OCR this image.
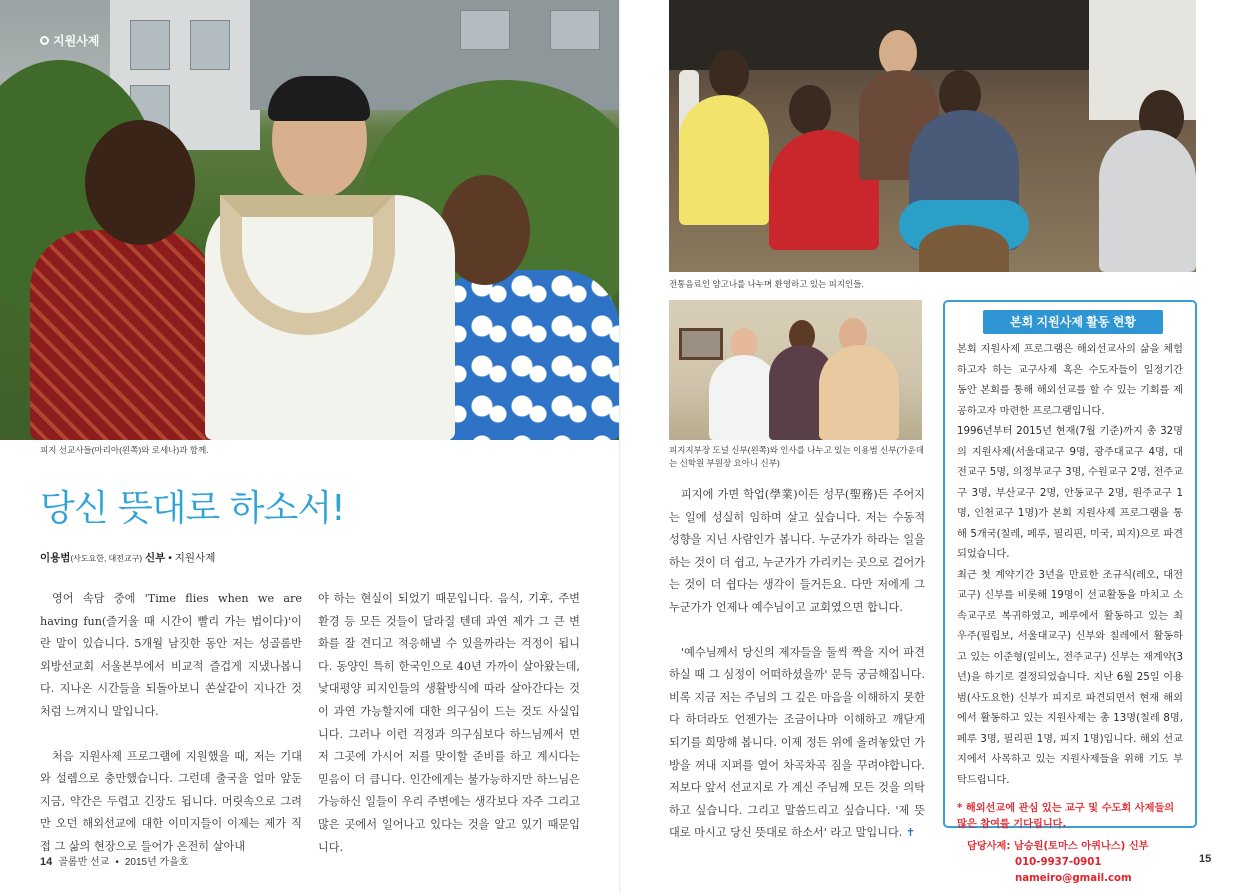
지원사제
피지 선교사들(마리아(왼쪽)와 로세나)과 함께.
당신 뜻대로 하소서!
이용범(사도요한, 대전교구) 신부 • 지원사제

영어 속담 중에 'Time flies when we are having fun(즐거울 때 시간이 빨리 가는 법이다)'이란 말이 있습니다. 5개월 남짓한 동안 저는 성골롬반외방선교회 서울본부에서 비교적 즐겁게 지냈나봅니다. 지나온 시간들을 되돌아보니 쏜살같이 지나간 것처럼 느껴지니 말입니다.

처음 지원사제 프로그램에 지원했을 때, 저는 기대와 설렘으로 충만했습니다. 그런데 출국을 얼마 앞둔 지금, 약간은 두렵고 긴장도 됩니다. 머릿속으로 그려만 오던 해외선교에 대한 이미지들이 이제는 제가 직접 그 삶의 현장으로 들어가 온전히 살아내

야 하는 현실이 되었기 때문입니다. 음식, 기후, 주변 환경 등 모든 것들이 달라질 텐데 과연 제가 그 큰 변화를 잘 견디고 적응해낼 수 있을까라는 걱정이 됩니다. 동양인 특히 한국인으로 40년 가까이 살아왔는데, 낯대평양 피지인들의 생활방식에 따라 살아간다는 것이 과연 가능할지에 대한 의구심이 드는 것도 사실입니다. 그러나 이런 걱정과 의구심보다 하느님께서 먼저 그곳에 가시어 저를 맞이할 준비를 하고 계시다는 믿음이 더 큽니다. 인간에게는 불가능하지만 하느님은 가능하신 일들이 우리 주변에는 생각보다 자주 그리고 많은 곳에서 일어나고 있다는 것을 알고 있기 때문입니다.

14 골롬반 선교 • 2015년 가을호
전통음료인 얌고나를 나누며 환영하고 있는 피지인들.
피지지부장 도널 신부(왼쪽)와 인사를 나누고 있는 이용범 신부(가운데는 신학원 부원장 요아니 신부)

피지에 가면 학업(學業)이든 성무(聖務)든 주어지는 일에 성실히 임하며 살고 싶습니다. 저는 수동적 성향을 지닌 사람인가 봅니다. 누군가가 하라는 일을 하는 것이 더 쉽고, 누군가가 가리키는 곳으로 걸어가는 것이 더 쉽다는 생각이 들거든요. 다만 저에게 그 누군가가 언제나 예수님이고 교회였으면 합니다.

'예수님께서 당신의 제자들을 둘씩 짝을 지어 파견하실 때 그 심정이 어떠하셨을까' 문득 궁금해집니다. 비록 지금 저는 주님의 그 깊은 마음을 이해하지 못한다 하더라도 언젠가는 조금이나마 이해하고 깨닫게 되기를 희망해 봅니다. 이제 정든 위에 올려놓았던 가방을 꺼내 지퍼를 열어 차곡차곡 짐을 꾸려야합니다. 저보다 앞서 선교지로 가 계신 주님께 모든 것을 의탁하고 싶습니다. 그리고 말씀드리고 싶습니다. '제 뜻대로 마시고 당신 뜻대로 하소서' 라고 말입니다. ✝

본회 지원사제 활동 현황

본회 지원사제 프로그램은 해외선교사의 삶을 체험하고자 하는 교구사제 혹은 수도자들이 일정기간 동안 본회를 통해 해외선교를 할 수 있는 기회를 제공하고자 마련한 프로그램입니다.

1996년부터 2015년 현재(7월 기준)까지 총 32명의 지원사제(서울대교구 9명, 광주대교구 4명, 대전교구 5명, 의정부교구 3명, 수원교구 2명, 전주교구 3명, 부산교구 2명, 안동교구 2명, 원주교구 1명, 인천교구 1명)가 본회 지원사제 프로그램을 통해 5개국(칠레, 페루, 필리핀, 미국, 피지)으로 파견되었습니다.

최근 첫 계약기간 3년을 만료한 조규식(레오, 대전교구) 신부를 비롯해 19명이 선교활동을 마치고 소속교구로 복귀하였고, 페루에서 활동하고 있는 최우주(필립보, 서울대교구) 신부와 칠레에서 활동하고 있는 이준형(일비노, 전주교구) 신부는 재계약(3년)을 하기로 결정되었습니다. 지난 6월 25일 이용범(사도요한) 신부가 피지로 파견되면서 현재 해외에서 활동하고 있는 지원사제는 총 13명(칠레 8명, 페루 3명, 필리핀 1명, 피지 1명)입니다. 해외 선교지에서 사목하고 있는 지원사제들을 위해 기도 부탁드립니다.

* 해외선교에 관심 있는 교구 및 수도회 사제들의 많은 참여를 기다립니다.
담당사제: 남승원(토마스 아퀴나스) 신부
010-9937-0901
nameiro@gmail.com
15
